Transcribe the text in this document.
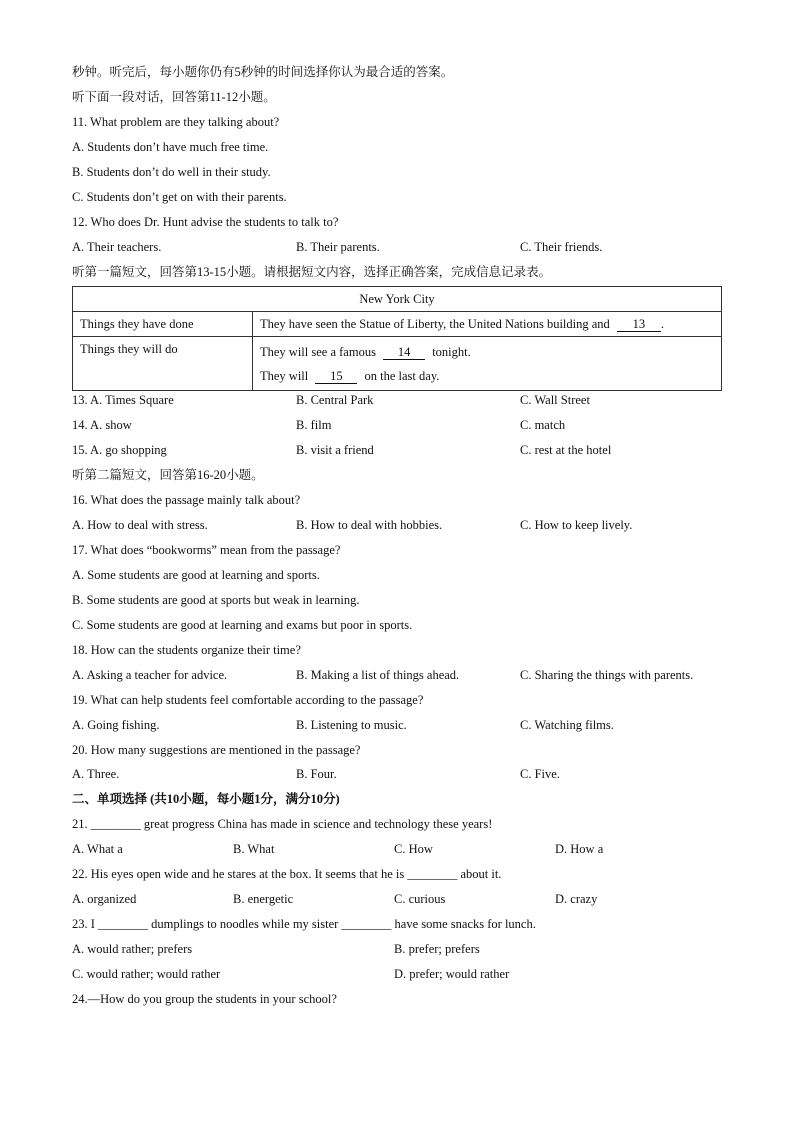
秒钟。听完后，每小题你仍有5秒钟的时间选择你认为最合适的答案。
听下面一段对话，回答第11-12小题。
11. What problem are they talking about?
A. Students don’t have much free time.
B. Students don’t do well in their study.
C. Students don’t get on with their parents.
12. Who does Dr. Hunt advise the students to talk to?
A. Their teachers.	B. Their parents.	C. Their friends.
听第一篇短文，回答第13-15小题。请根据短文内容，选择正确答案，完成信息记录表。
New York City	
Things they have done	They have seen the Statue of Liberty, the United Nations building and 13 .
Things they will do	They will see a famous 14 tonight.
They will 15 on the last day.
13. A. Times Square	B. Central Park	C. Wall Street
14. A. show	B. film	C. match
15. A. go shopping	B. visit a friend	C. rest at the hotel
听第二篇短文，回答第16-20小题。
16. What does the passage mainly talk about?
A. How to deal with stress.	B. How to deal with hobbies.	C. How to keep lively.
17. What does “bookworms” mean from the passage?
A. Some students are good at learning and sports.
B. Some students are good at sports but weak in learning.
C. Some students are good at learning and exams but poor in sports.
18. How can the students organize their time?
A. Asking a teacher for advice.	B. Making a list of things ahead.	C. Sharing the things with parents.
19. What can help students feel comfortable according to the passage?
A. Going fishing.	B. Listening to music.	C. Watching films.
20. How many suggestions are mentioned in the passage?
A. Three.	B. Four.	C. Five.
二、单项选择 (共10小题，每小题1分，满分10分)
21. ________ great progress China has made in science and technology these years!
A. What a	B. What	C. How	D. How a
22. His eyes open wide and he stares at the box. It seems that he is ________ about it.
A. organized	B. energetic	C. curious	D. crazy
23. I ________ dumplings to noodles while my sister ________ have some snacks for lunch.
A. would rather; prefers	B. prefer; prefers
C. would rather; would rather	D. prefer; would rather
24.—How do you group the students in your school?
